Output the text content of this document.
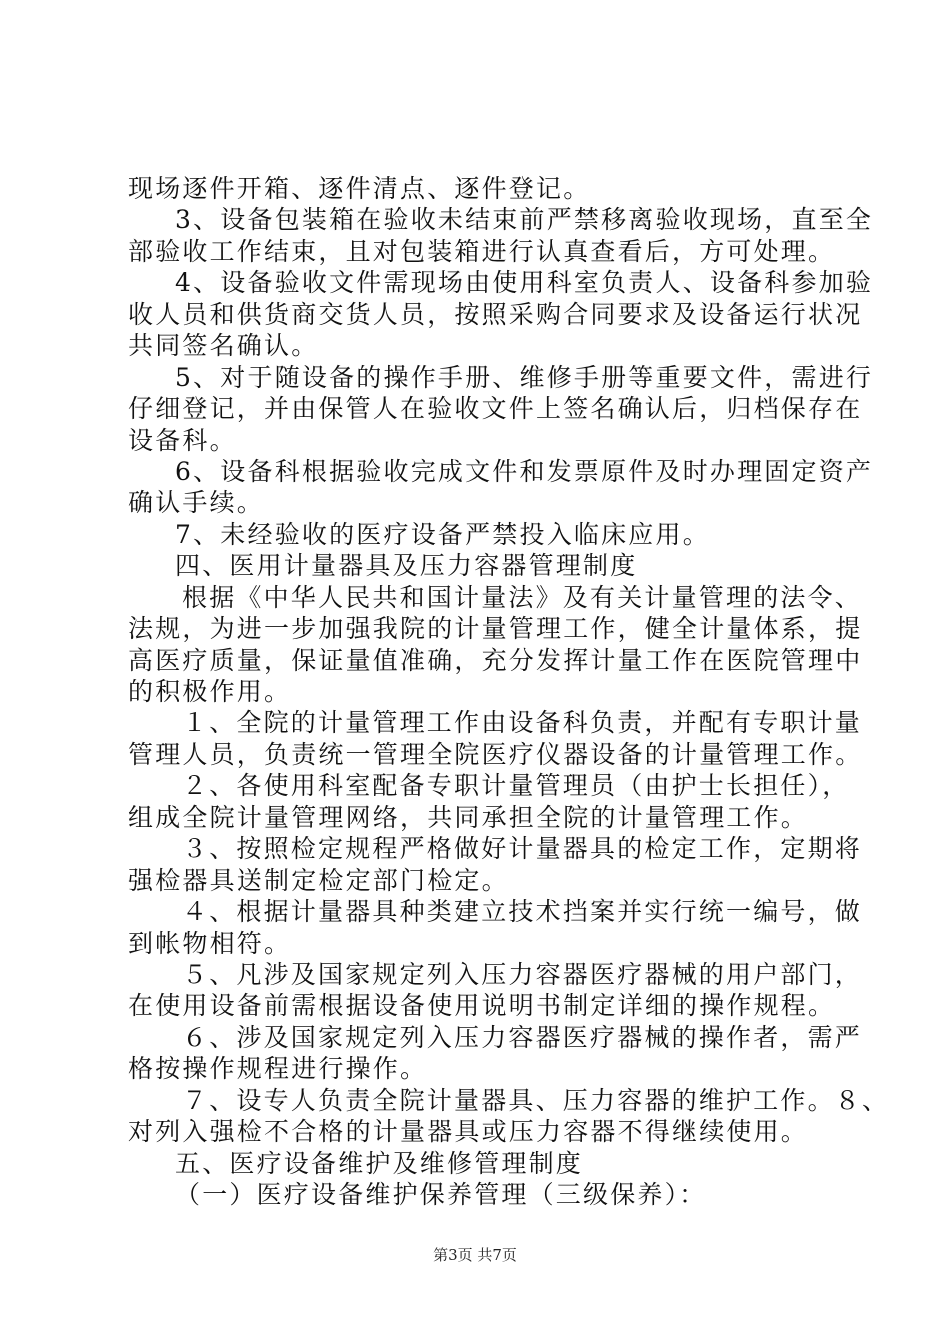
现场逐件开箱、逐件清点、逐件登记。
3、设备包装箱在验收未结束前严禁移离验收现场，直至全
部验收工作结束，且对包装箱进行认真查看后，方可处理。
4、设备验收文件需现场由使用科室负责人、设备科参加验
收人员和供货商交货人员，按照采购合同要求及设备运行状况
共同签名确认。
5、对于随设备的操作手册、维修手册等重要文件，需进行
仔细登记，并由保管人在验收文件上签名确认后，归档保存在
设备科。
6、设备科根据验收完成文件和发票原件及时办理固定资产
确认手续。
7、未经验收的医疗设备严禁投入临床应用。
四、医用计量器具及压力容器管理制度
根据《中华人民共和国计量法》及有关计量管理的法令、
法规，为进一步加强我院的计量管理工作，健全计量体系，提
高医疗质量，保证量值准确，充分发挥计量工作在医院管理中
的积极作用。
１、全院的计量管理工作由设备科负责，并配有专职计量
管理人员，负责统一管理全院医疗仪器设备的计量管理工作。
２、各使用科室配备专职计量管理员（由护士长担任），
组成全院计量管理网络，共同承担全院的计量管理工作。
３、按照检定规程严格做好计量器具的检定工作，定期将
强检器具送制定检定部门检定。
４、根据计量器具种类建立技术挡案并实行统一编号，做
到帐物相符。
５、凡涉及国家规定列入压力容器医疗器械的用户部门，
在使用设备前需根据设备使用说明书制定详细的操作规程。
６、涉及国家规定列入压力容器医疗器械的操作者，需严
格按操作规程进行操作。
７、设专人负责全院计量器具、压力容器的维护工作。８、
对列入强检不合格的计量器具或压力容器不得继续使用。
五、医疗设备维护及维修管理制度
（一）医疗设备维护保养管理（三级保养）：
第3页 共7页
